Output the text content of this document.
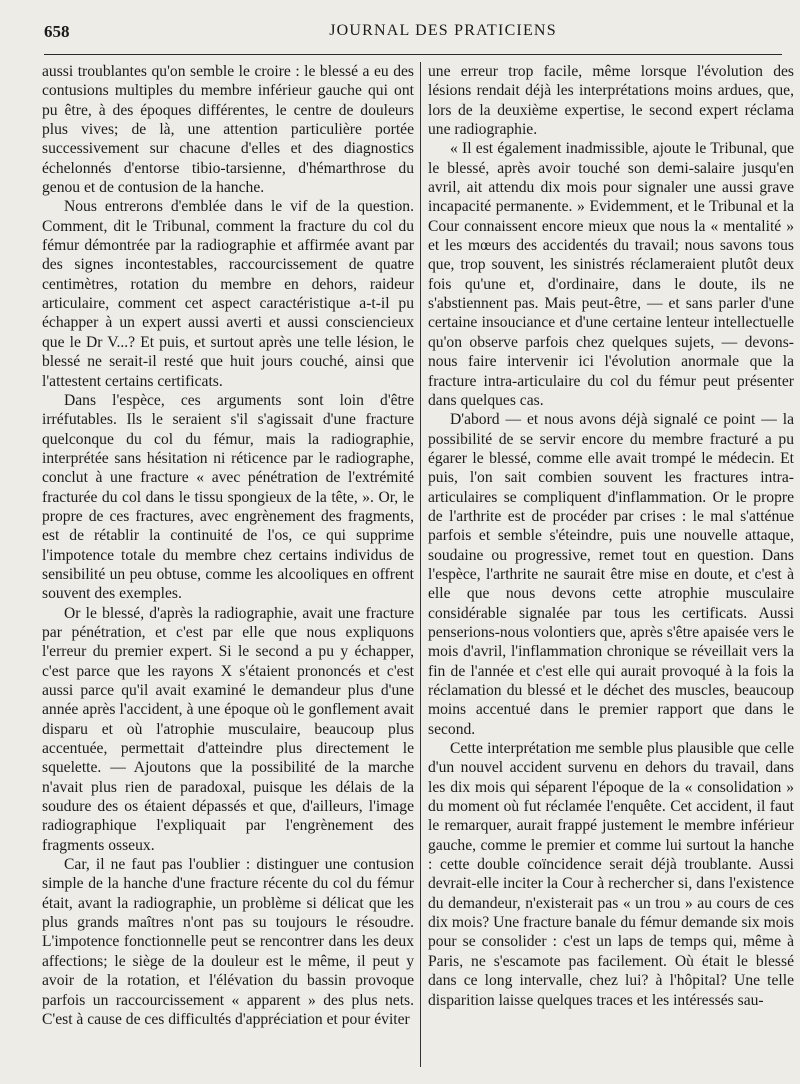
658	JOURNAL DES PRATICIENS

aussi troublantes qu'on semble le croire : le blessé a eu des contusions multiples du membre inférieur gauche qui ont pu être, à des époques différentes, le centre de douleurs plus vives; de là, une attention particulière portée successivement sur chacune d'elles et des diagnostics échelonnés d'entorse tibio-tarsienne, d'hémarthrose du genou et de contusion de la hanche.

Nous entrerons d'emblée dans le vif de la question. Comment, dit le Tribunal, comment la fracture du col du fémur démontrée par la radiographie et affirmée avant par des signes incontestables, raccourcissement de quatre centimètres, rotation du membre en dehors, raideur articulaire, comment cet aspect caractéristique a-t-il pu échapper à un expert aussi averti et aussi consciencieux que le Dr V...? Et puis, et surtout après une telle lésion, le blessé ne serait-il resté que huit jours couché, ainsi que l'attestent certains certificats.

Dans l'espèce, ces arguments sont loin d'être irréfutables. Ils le seraient s'il s'agissait d'une fracture quelconque du col du fémur, mais la radiographie, interprétée sans hésitation ni réticence par le radiographe, conclut à une fracture « avec pénétration de l'extrémité fracturée du col dans le tissu spongieux de la tête, ». Or, le propre de ces fractures, avec engrènement des fragments, est de rétablir la continuité de l'os, ce qui supprime l'impotence totale du membre chez certains individus de sensibilité un peu obtuse, comme les alcooliques en offrent souvent des exemples.

Or le blessé, d'après la radiographie, avait une fracture par pénétration, et c'est par elle que nous expliquons l'erreur du premier expert. Si le second a pu y échapper, c'est parce que les rayons X s'étaient prononcés et c'est aussi parce qu'il avait examiné le demandeur plus d'une année après l'accident, à une époque où le gonflement avait disparu et où l'atrophie musculaire, beaucoup plus accentuée, permettait d'atteindre plus directement le squelette. — Ajoutons que la possibilité de la marche n'avait plus rien de paradoxal, puisque les délais de la soudure des os étaient dépassés et que, d'ailleurs, l'image radiographique l'expliquait par l'engrènement des fragments osseux.

Car, il ne faut pas l'oublier : distinguer une contusion simple de la hanche d'une fracture récente du col du fémur était, avant la radiographie, un problème si délicat que les plus grands maîtres n'ont pas su toujours le résoudre. L'impotence fonctionnelle peut se rencontrer dans les deux affections; le siège de la douleur est le même, il peut y avoir de la rotation, et l'élévation du bassin provoque parfois un raccourcissement « apparent » des plus nets. C'est à cause de ces difficultés d'appréciation et pour éviter

une erreur trop facile, même lorsque l'évolution des lésions rendait déjà les interprétations moins ardues, que, lors de la deuxième expertise, le second expert réclama une radiographie.

« Il est également inadmissible, ajoute le Tribunal, que le blessé, après avoir touché son demi-salaire jusqu'en avril, ait attendu dix mois pour signaler une aussi grave incapacité permanente. » Evidemment, et le Tribunal et la Cour connaissent encore mieux que nous la « mentalité » et les mœurs des accidentés du travail; nous savons tous que, trop souvent, les sinistrés réclameraient plutôt deux fois qu'une et, d'ordinaire, dans le doute, ils ne s'abstiennent pas. Mais peut-être, — et sans parler d'une certaine insouciance et d'une certaine lenteur intellectuelle qu'on observe parfois chez quelques sujets, — devons-nous faire intervenir ici l'évolution anormale que la fracture intra-articulaire du col du fémur peut présenter dans quelques cas.

D'abord — et nous avons déjà signalé ce point — la possibilité de se servir encore du membre fracturé a pu égarer le blessé, comme elle avait trompé le médecin. Et puis, l'on sait combien souvent les fractures intra-articulaires se compliquent d'inflammation. Or le propre de l'arthrite est de procéder par crises : le mal s'atténue parfois et semble s'éteindre, puis une nouvelle attaque, soudaine ou progressive, remet tout en question. Dans l'espèce, l'arthrite ne saurait être mise en doute, et c'est à elle que nous devons cette atrophie musculaire considérable signalée par tous les certificats. Aussi penserions-nous volontiers que, après s'être apaisée vers le mois d'avril, l'inflammation chronique se réveillait vers la fin de l'année et c'est elle qui aurait provoqué à la fois la réclamation du blessé et le déchet des muscles, beaucoup moins accentué dans le premier rapport que dans le second.

Cette interprétation me semble plus plausible que celle d'un nouvel accident survenu en dehors du travail, dans les dix mois qui séparent l'époque de la « consolidation » du moment où fut réclamée l'enquête. Cet accident, il faut le remarquer, aurait frappé justement le membre inférieur gauche, comme le premier et comme lui surtout la hanche : cette double coïncidence serait déjà troublante. Aussi devrait-elle inciter la Cour à rechercher si, dans l'existence du demandeur, n'existerait pas « un trou » au cours de ces dix mois? Une fracture banale du fémur demande six mois pour se consolider : c'est un laps de temps qui, même à Paris, ne s'escamote pas facilement. Où était le blessé dans ce long intervalle, chez lui? à l'hôpital? Une telle disparition laisse quelques traces et les intéressés sau-
